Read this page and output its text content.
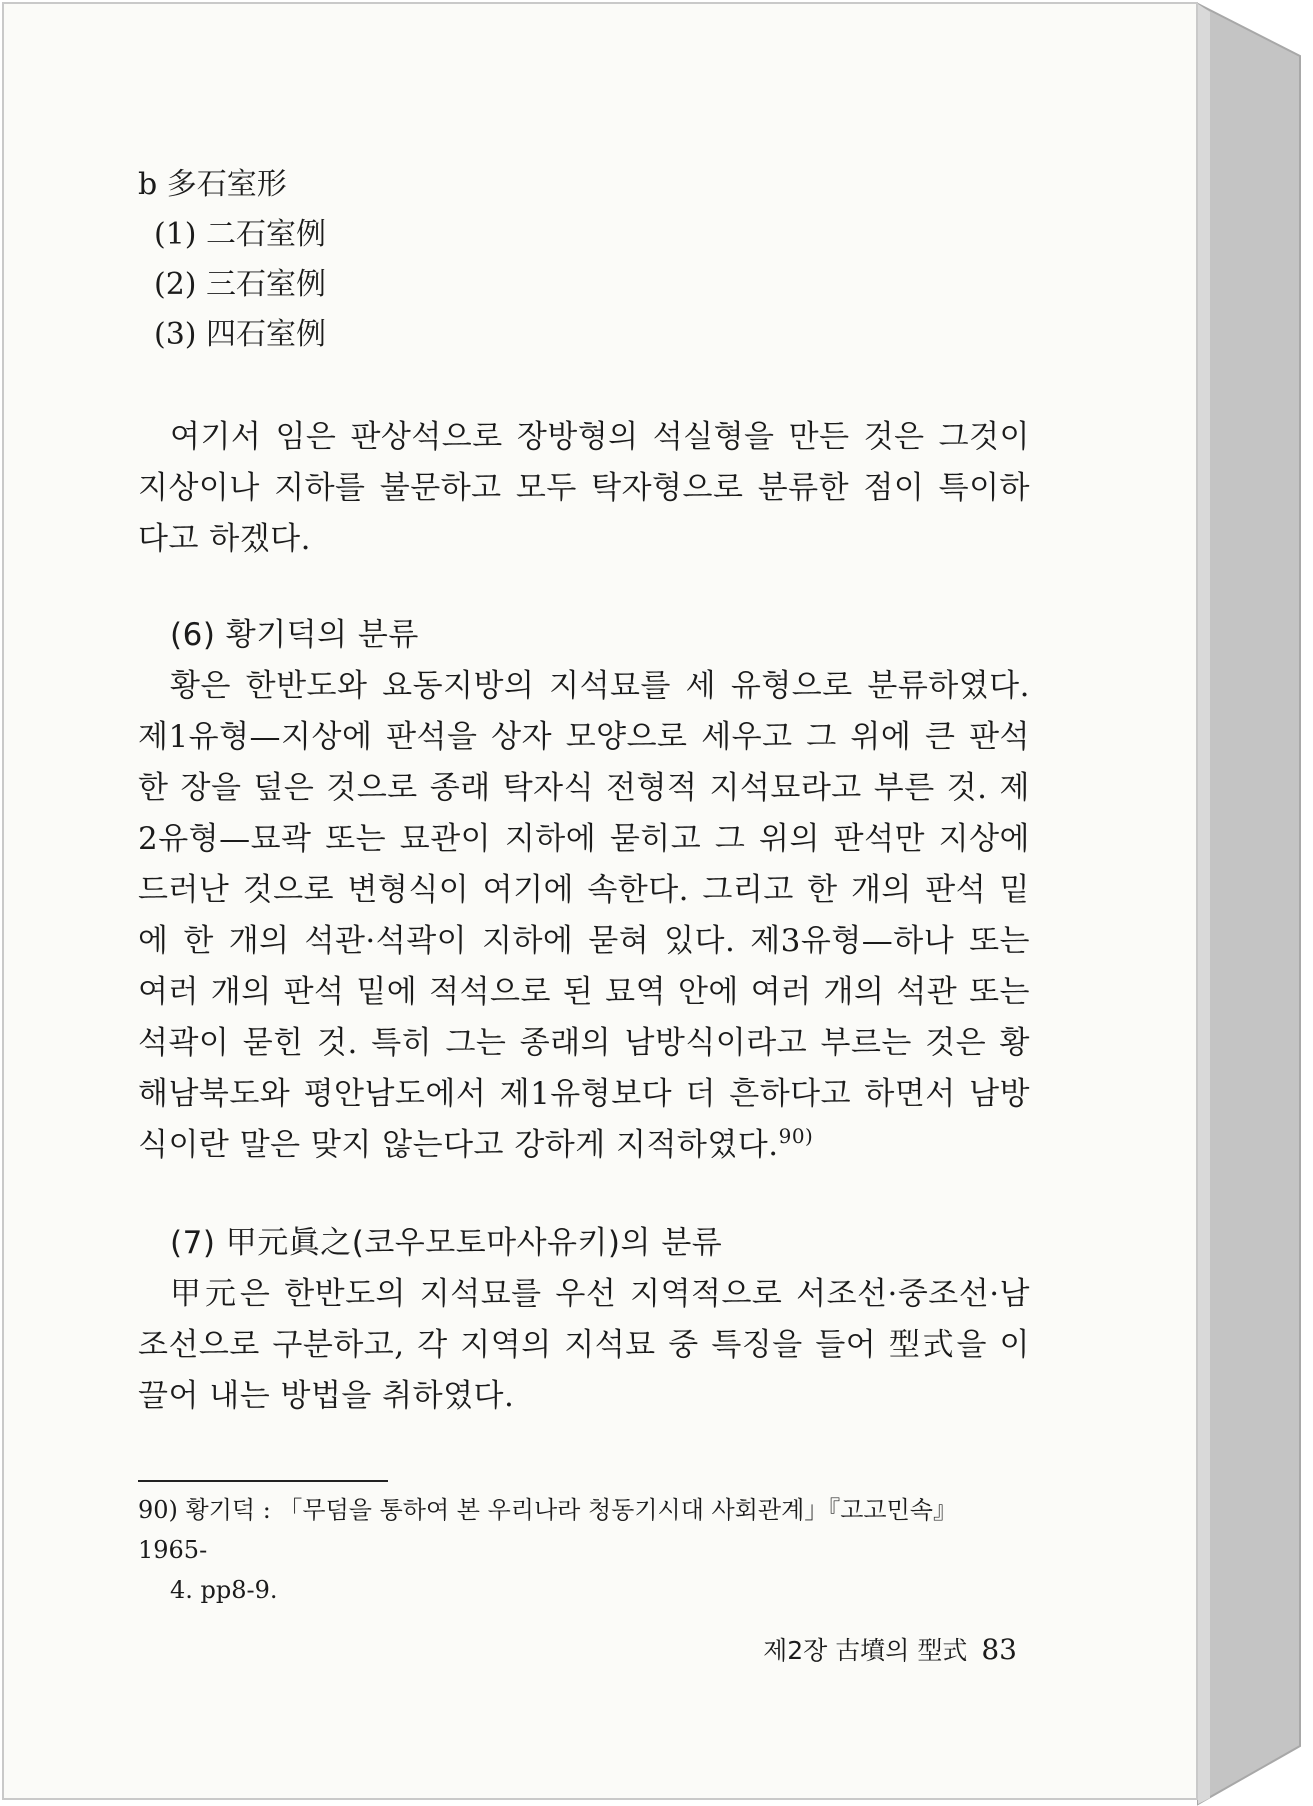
b 多石室形
(1) 二石室例
(2) 三石室例
(3) 四石室例

여기서 임은 판상석으로 장방형의 석실형을 만든 것은 그것이 지상이나 지하를 불문하고 모두 탁자형으로 분류한 점이 특이하다고 하겠다.

(6) 황기덕의 분류

황은 한반도와 요동지방의 지석묘를 세 유형으로 분류하였다. 제1유형—지상에 판석을 상자 모양으로 세우고 그 위에 큰 판석 한 장을 덮은 것으로 종래 탁자식 전형적 지석묘라고 부른 것. 제2유형—묘곽 또는 묘관이 지하에 묻히고 그 위의 판석만 지상에 드러난 것으로 변형식이 여기에 속한다. 그리고 한 개의 판석 밑에 한 개의 석관·석곽이 지하에 묻혀 있다. 제3유형—하나 또는 여러 개의 판석 밑에 적석으로 된 묘역 안에 여러 개의 석관 또는 석곽이 묻힌 것. 특히 그는 종래의 남방식이라고 부르는 것은 황해남북도와 평안남도에서 제1유형보다 더 흔하다고 하면서 남방식이란 말은 맞지 않는다고 강하게 지적하였다.$^{90)}$

(7) 甲元眞之(코우모토마사유키)의 분류

甲元은 한반도의 지석묘를 우선 지역적으로 서조선·중조선·남조선으로 구분하고, 각 지역의 지석묘 중 특징을 들어 型式을 이끌어 내는 방법을 취하였다.

90) 황기덕 : 「무덤을 통하여 본 우리나라 청동기시대 사회관계」『고고민속』 1965-
4. pp8-9.
제2장 古墳의 型式 83
